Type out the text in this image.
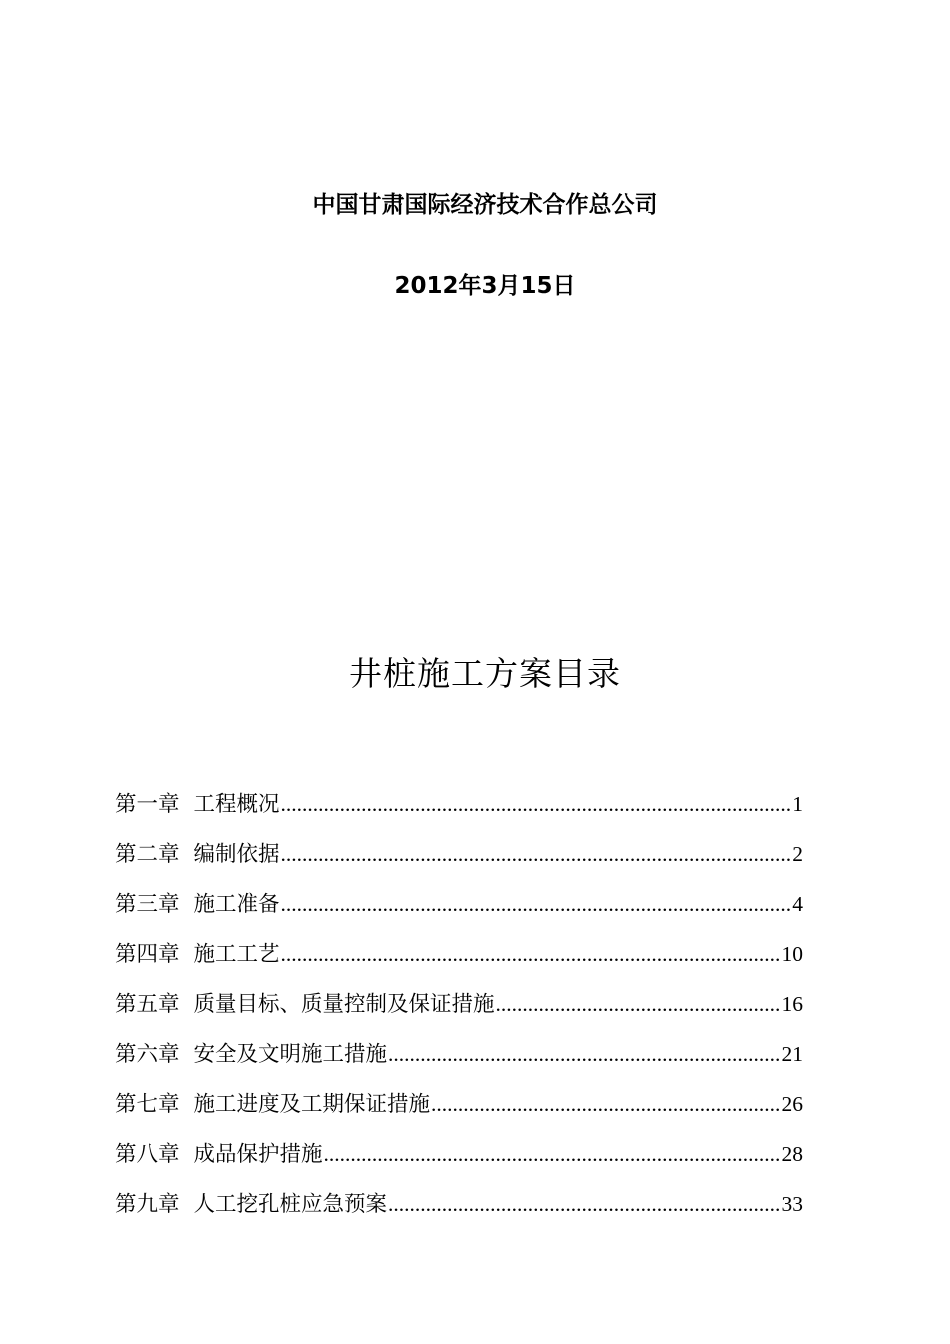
中国甘肃国际经济技术合作总公司
2012年3月15日
井桩施工方案目录
第一章 工程概况 .....	1
第二章 编制依据 .....	2
第三章 施工准备 .....	4
第四章 施工工艺 .....	10
第五章 质量目标、质量控制及保证措施 .....	16
第六章 安全及文明施工措施 .....	21
第七章 施工进度及工期保证措施 .....	26
第八章 成品保护措施 .....	28
第九章 人工挖孔桩应急预案 .....	33
